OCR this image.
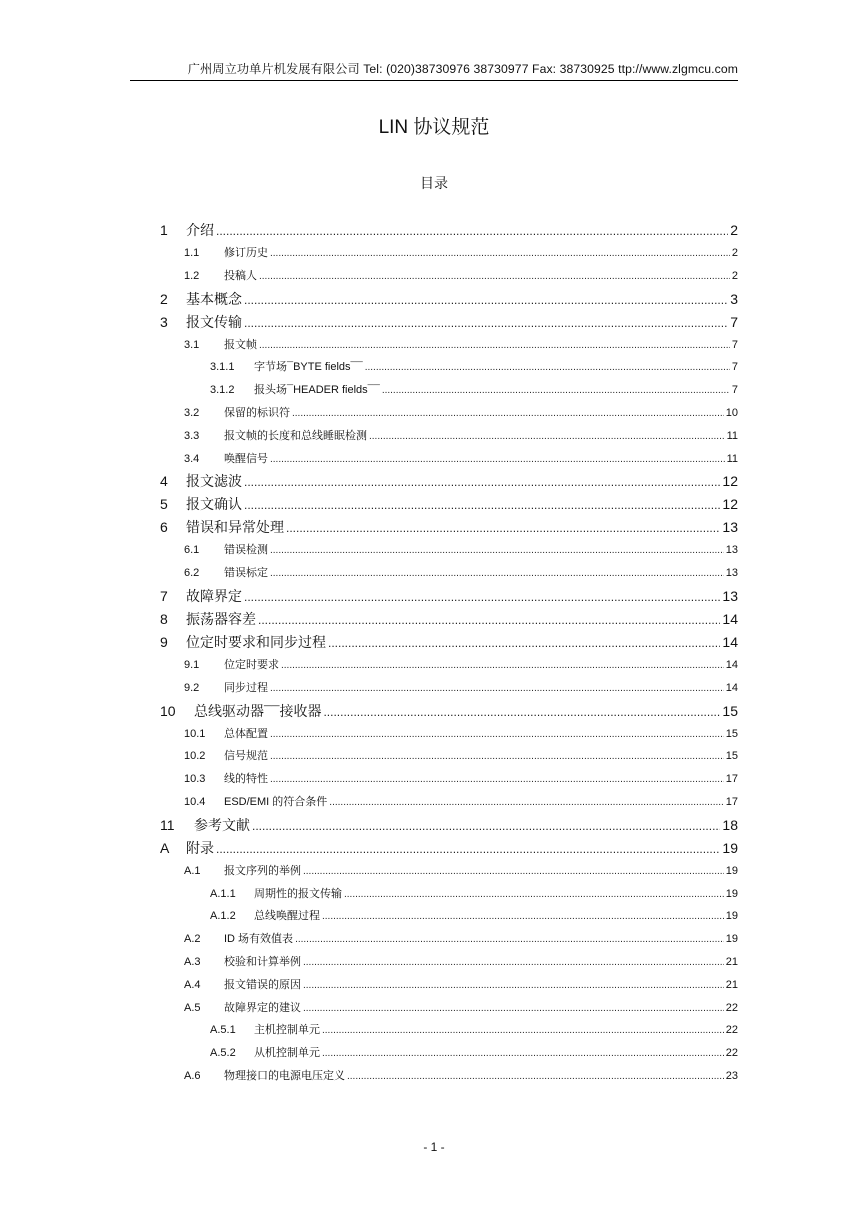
广州周立功单片机发展有限公司 Tel: (020)38730976 38730977 Fax: 38730925 ttp://www.zlgmcu.com
LIN 协议规范
目录
1	介绍 .....	2
1.1	修订历史 .....	2
1.2	投稿人 .....	2
2	基本概念 .....	3
3	报文传输 .....	7
3.1	报文帧 .....	7
3.1.1	字节场¯BYTE fields¯¯ .....	7
3.1.2	报头场¯HEADER fields¯¯ .....	7
3.2	保留的标识符 .....	10
3.3	报文帧的长度和总线睡眠检测 .....	11
3.4	唤醒信号 .....	11
4	报文滤波 .....	12
5	报文确认 .....	12
6	错误和异常处理 .....	13
6.1	错误检测 .....	13
6.2	错误标定 .....	13
7	故障界定 .....	13
8	振荡器容差 .....	14
9	位定时要求和同步过程 .....	14
9.1	位定时要求 .....	14
9.2	同步过程 .....	14
10	总线驱动器¯¯接收器 .....	15
10.1	总体配置 .....	15
10.2	信号规范 .....	15
10.3	线的特性 .....	17
10.4	ESD/EMI 的符合条件 .....	17
11	参考文献 .....	18
A	附录 .....	19
A.1	报文序列的举例 .....	19
A.1.1	周期性的报文传输 .....	19
A.1.2	总线唤醒过程 .....	19
A.2	ID 场有效值表 .....	19
A.3	校验和计算举例 .....	21
A.4	报文错误的原因 .....	21
A.5	故障界定的建议 .....	22
A.5.1	主机控制单元 .....	22
A.5.2	从机控制单元 .....	22
A.6	物理接口的电源电压定义 .....	23
- 1 -
